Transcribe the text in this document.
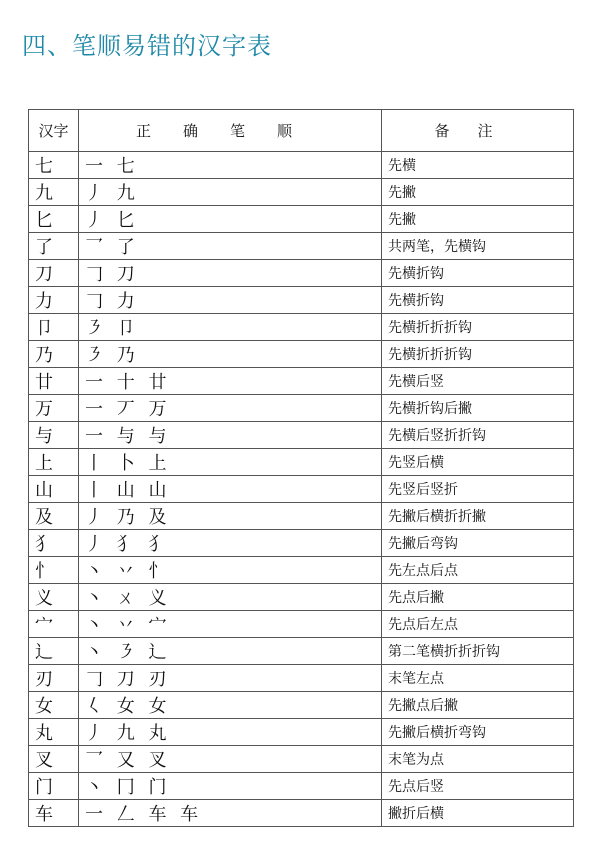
四、笔顺易错的汉字表
汉字	正确笔顺	备注
七	一 七	先横
九	丿 九	先撇
匕	丿 匕	先撇
了	乛 了	共两笔，先横钩
刀	𠃌 刀	先横折钩
力	𠃌 力	先横折钩
卩	㇋ 卩	先横折折折钩
乃	㇋ 乃	先横折折折钩
廿	一 十 廿	先横后竖
万	一 丆 万	先横折钩后撇
与	一 与 与	先横后竖折折钩
上	丨 卜 上	先竖后横
山	丨 山 山	先竖后竖折
及	丿 乃 及	先撇后横折折撇
犭	丿 犭 犭	先撇后弯钩
忄	丶 丷 忄	先左点后点
义	丶 ㄨ 义	先点后撇
宀	丶 丷 宀	先点后左点
辶	丶 ㇋ 辶	第二笔横折折折钩
刃	𠃌 刀 刃	末笔左点
女	𡿨 女 女	先撇点后撇
丸	丿 九 丸	先撇后横折弯钩
叉	乛 又 叉	末笔为点
门	丶 冂 门	先点后竖
车	一 𠃋 车 车	撇折后横
